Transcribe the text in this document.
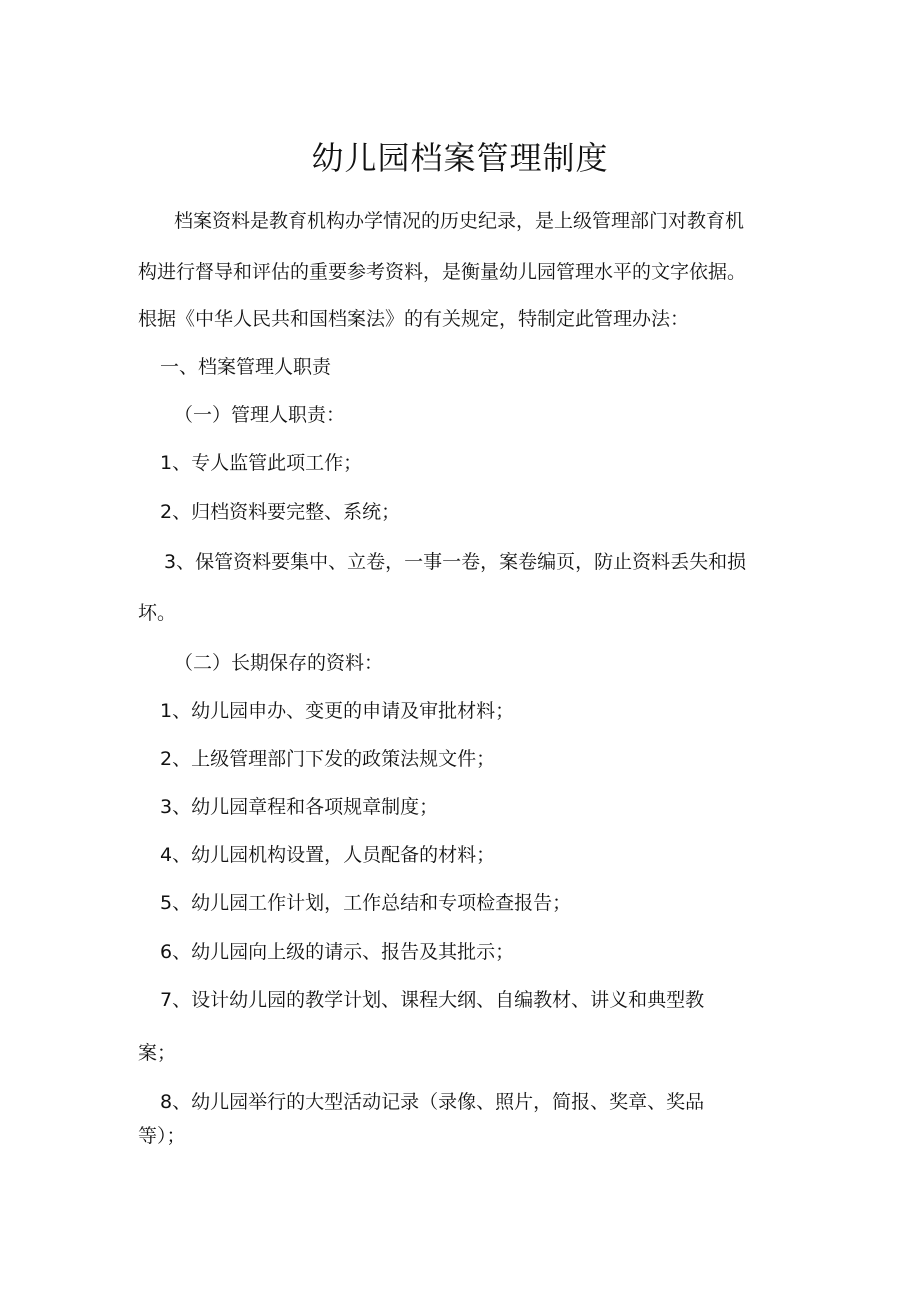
幼儿园档案管理制度
档案资料是教育机构办学情况的历史纪录，是上级管理部门对教育机
构进行督导和评估的重要参考资料，是衡量幼儿园管理水平的文字依据。
根据《中华人民共和国档案法》的有关规定，特制定此管理办法：
一、档案管理人职责
（一）管理人职责：
1、专人监管此项工作；
2、归档资料要完整、系统；
3、保管资料要集中、立卷，一事一卷，案卷编页，防止资料丢失和损
坏。
（二）长期保存的资料：
1、幼儿园申办、变更的申请及审批材料；
2、上级管理部门下发的政策法规文件；
3、幼儿园章程和各项规章制度；
4、幼儿园机构设置，人员配备的材料；
5、幼儿园工作计划，工作总结和专项检查报告；
6、幼儿园向上级的请示、报告及其批示；
7、设计幼儿园的教学计划、课程大纲、自编教材、讲义和典型教
案；
8、幼儿园举行的大型活动记录（录像、照片，简报、奖章、奖品
等）；
